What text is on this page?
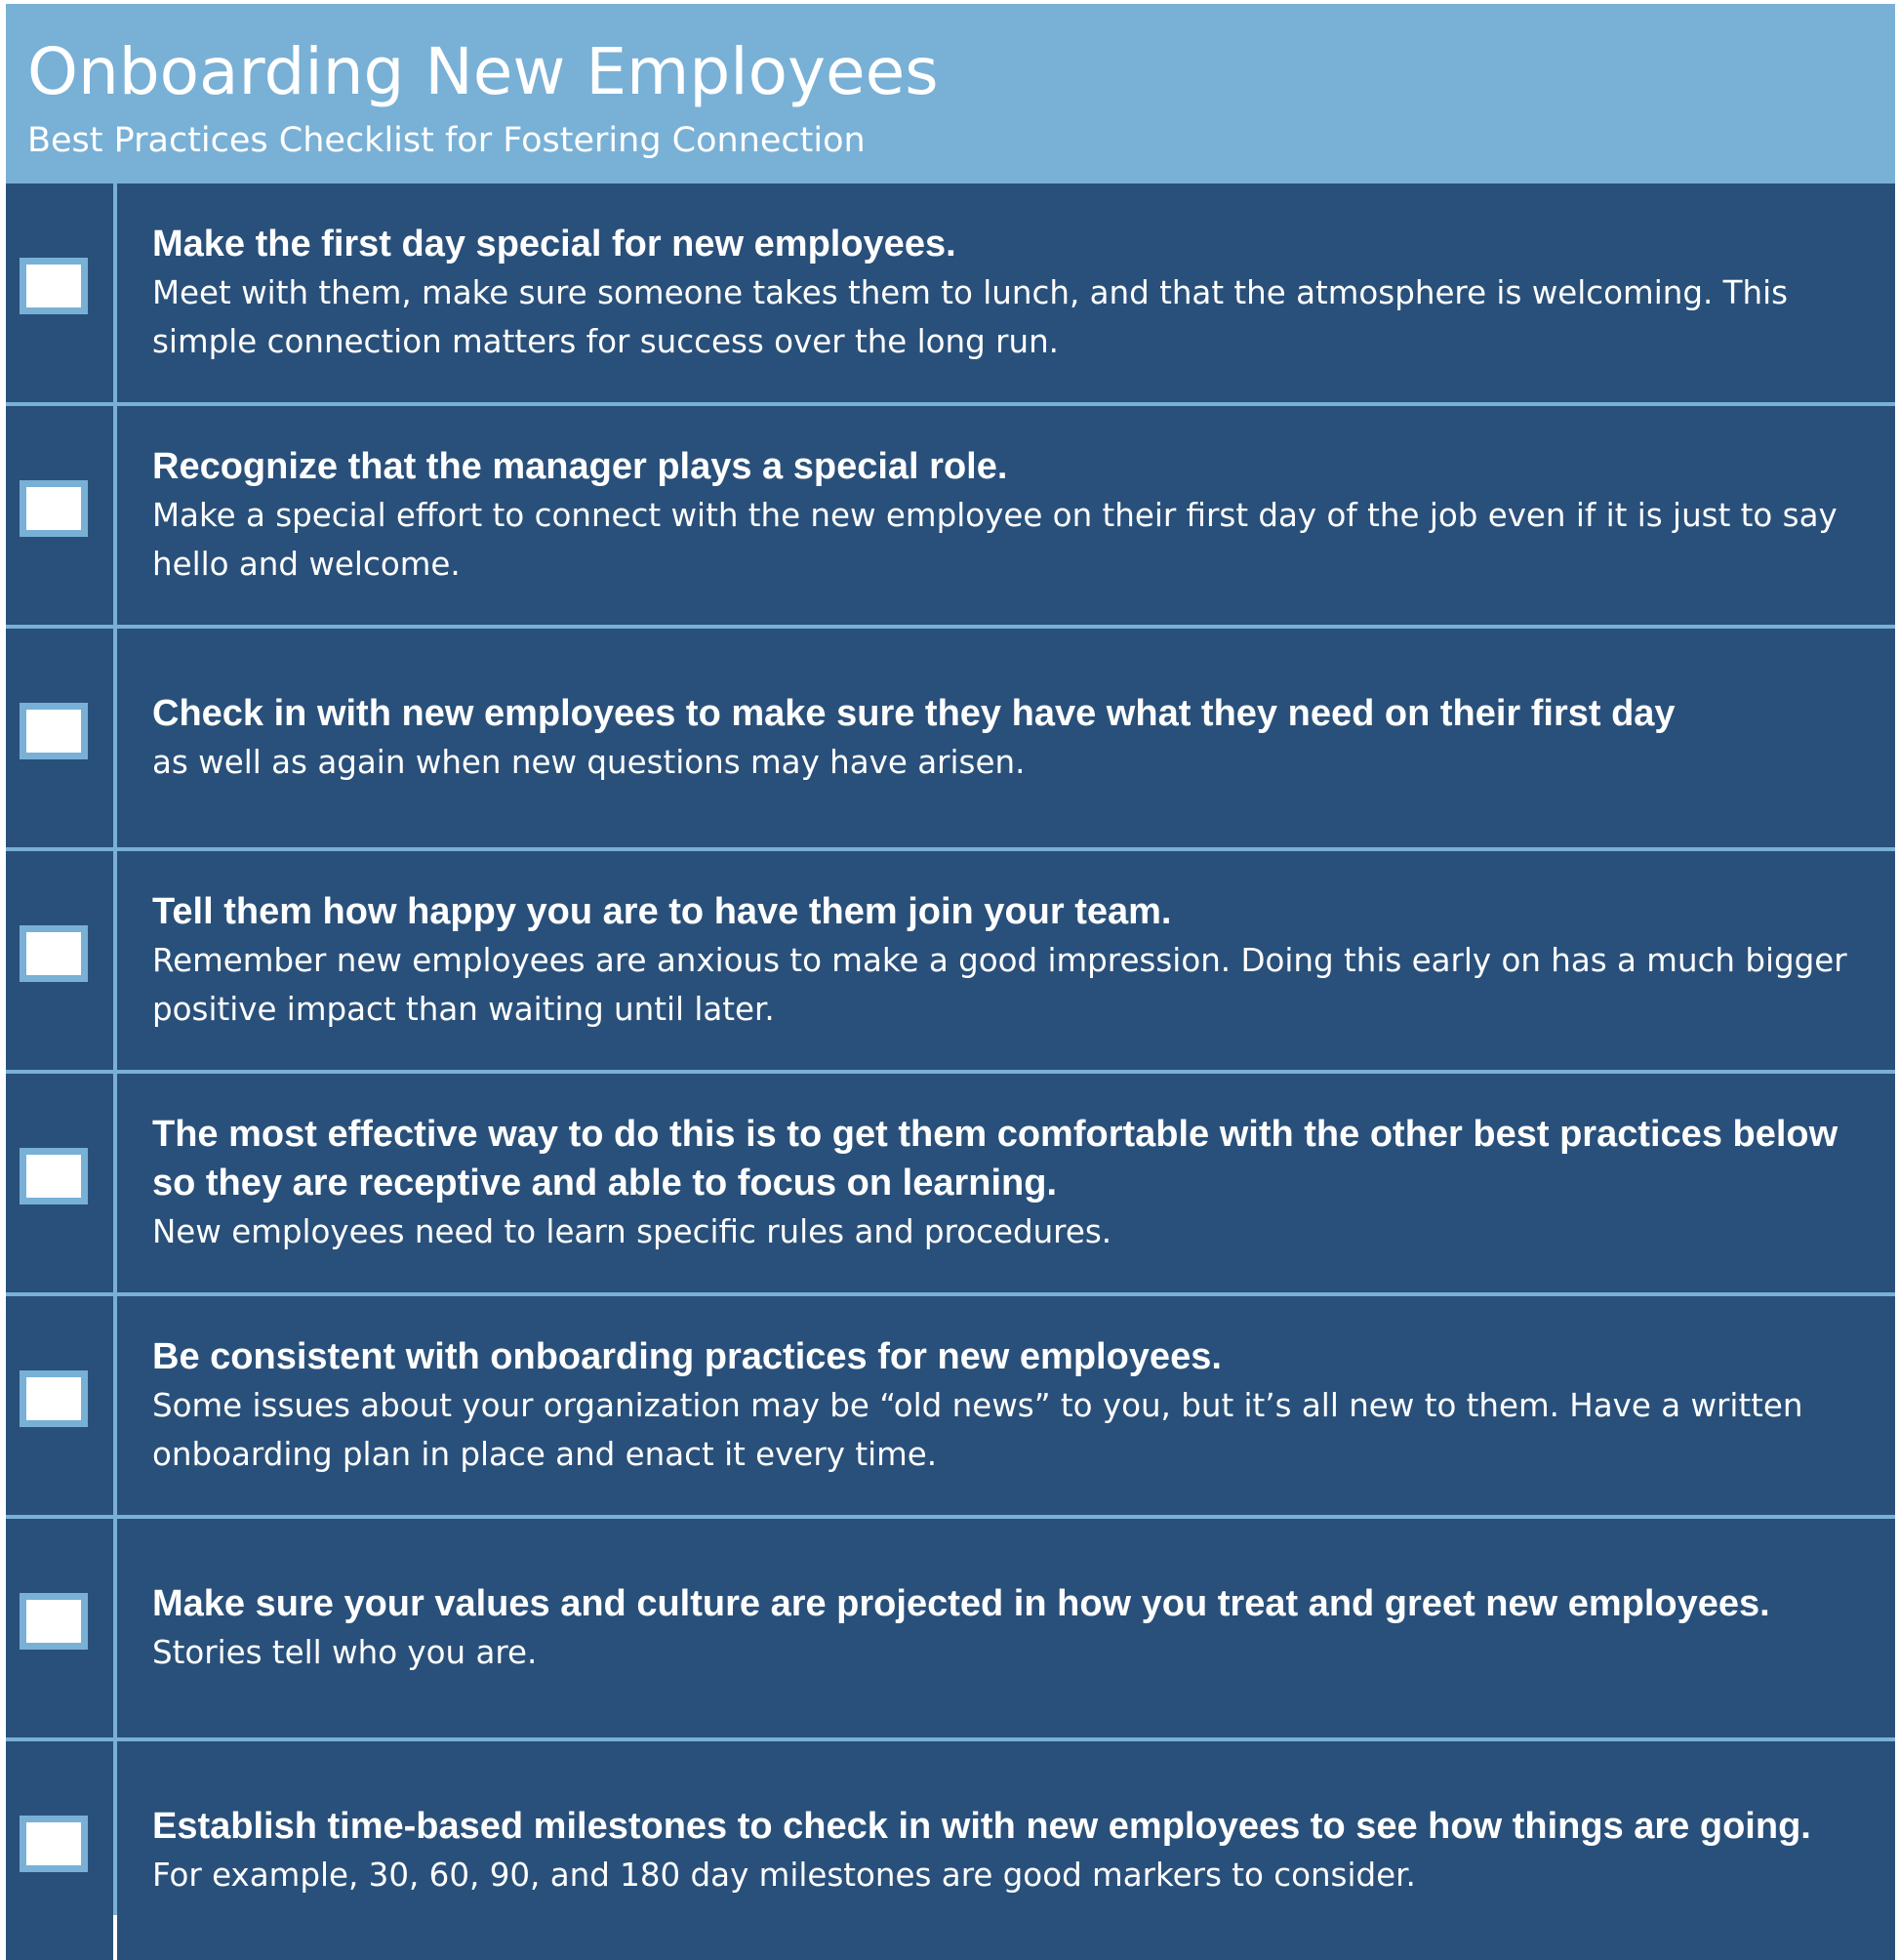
Onboarding New Employees

Best Practices Checklist for Fostering Connection

Make the first day special for new employees.

Meet with them, make sure someone takes them to lunch, and that the atmosphere is welcoming. This simple connection matters for success over the long run.

Recognize that the manager plays a special role.

Make a special effort to connect with the new employee on their first day of the job even if it is just to say hello and welcome.

Check in with new employees to make sure they have what they need on their first day

as well as again when new questions may have arisen.

Tell them how happy you are to have them join your team.

Remember new employees are anxious to make a good impression. Doing this early on has a much bigger positive impact than waiting until later.

The most effective way to do this is to get them comfortable with the other best practices below so they are receptive and able to focus on learning.

New employees need to learn specific rules and procedures.

Be consistent with onboarding practices for new employees.

Some issues about your organization may be “old news” to you, but it’s all new to them. Have a written onboarding plan in place and enact it every time.

Make sure your values and culture are projected in how you treat and greet new employees.

Stories tell who you are.

Establish time-based milestones to check in with new employees to see how things are going.

For example, 30, 60, 90, and 180 day milestones are good markers to consider.
